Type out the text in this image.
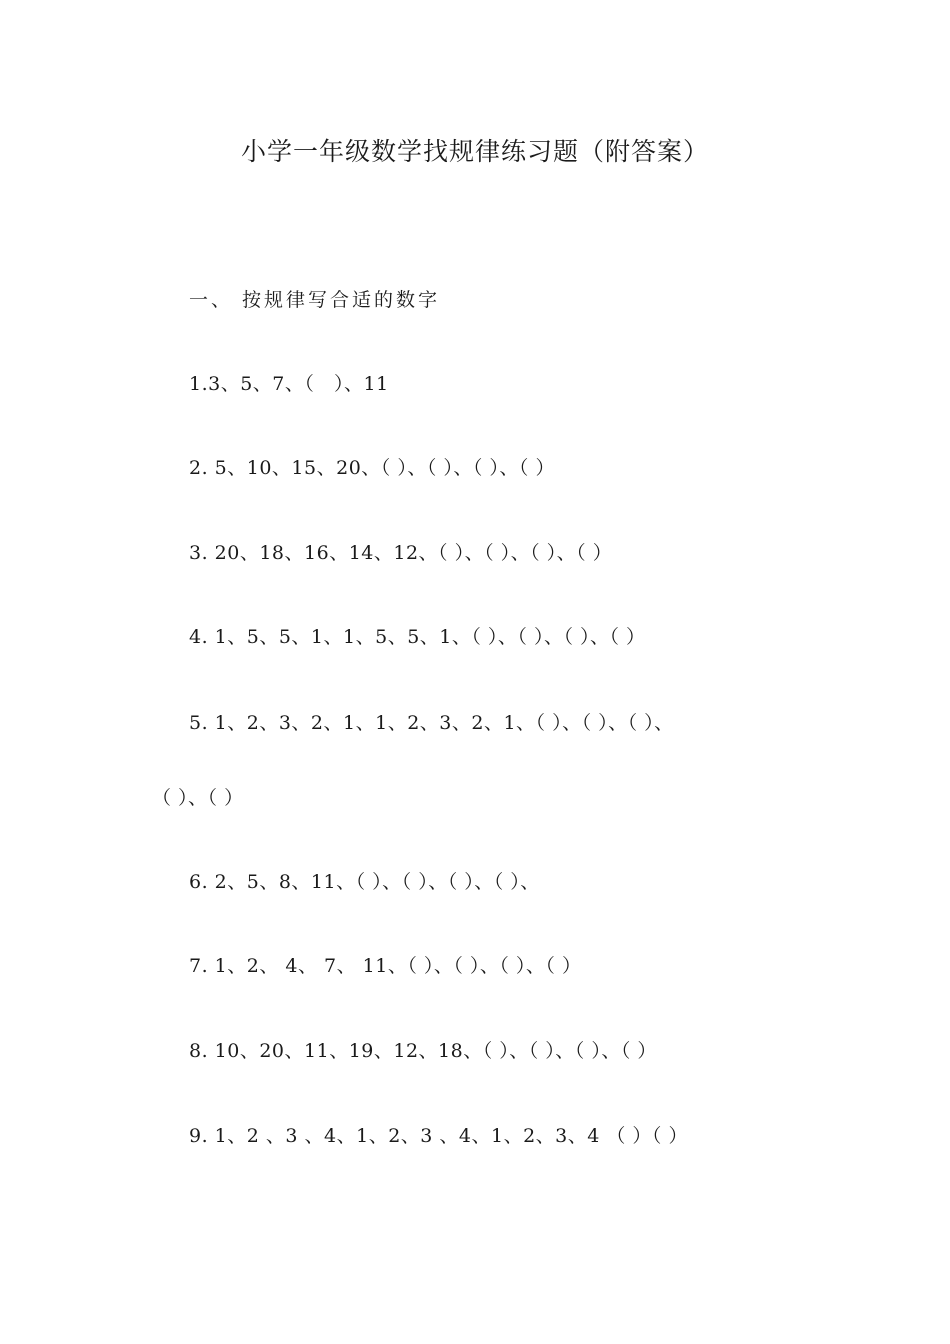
小学一年级数学找规律练习题（附答案）
一、 按规律写合适的数字
1.3、5、7、（   ）、11
2. 5、10、15、20、（ ）、（ ）、（ ）、（ ）
3. 20、18、16、14、12、（ ）、（ ）、（ ）、（ ）
4. 1、5、5、1、1、5、5、1、（ ）、（ ）、（ ）、（ ）
5. 1、2、3、2、1、1、2、3、2、1、（ ）、（ ）、（ ）、
（ ）、（ ）
6. 2、5、8、11、（ ）、（ ）、（ ）、（ ）、
7. 1、2、 4、 7、 11、（ ）、（ ）、（ ）、（ ）
8. 10、20、11、19、12、18、（ ）、（ ）、（ ）、（ ）
9. 1、2 、3 、4、1、2、3 、4、1、2、3、4 （ ）（ ）
